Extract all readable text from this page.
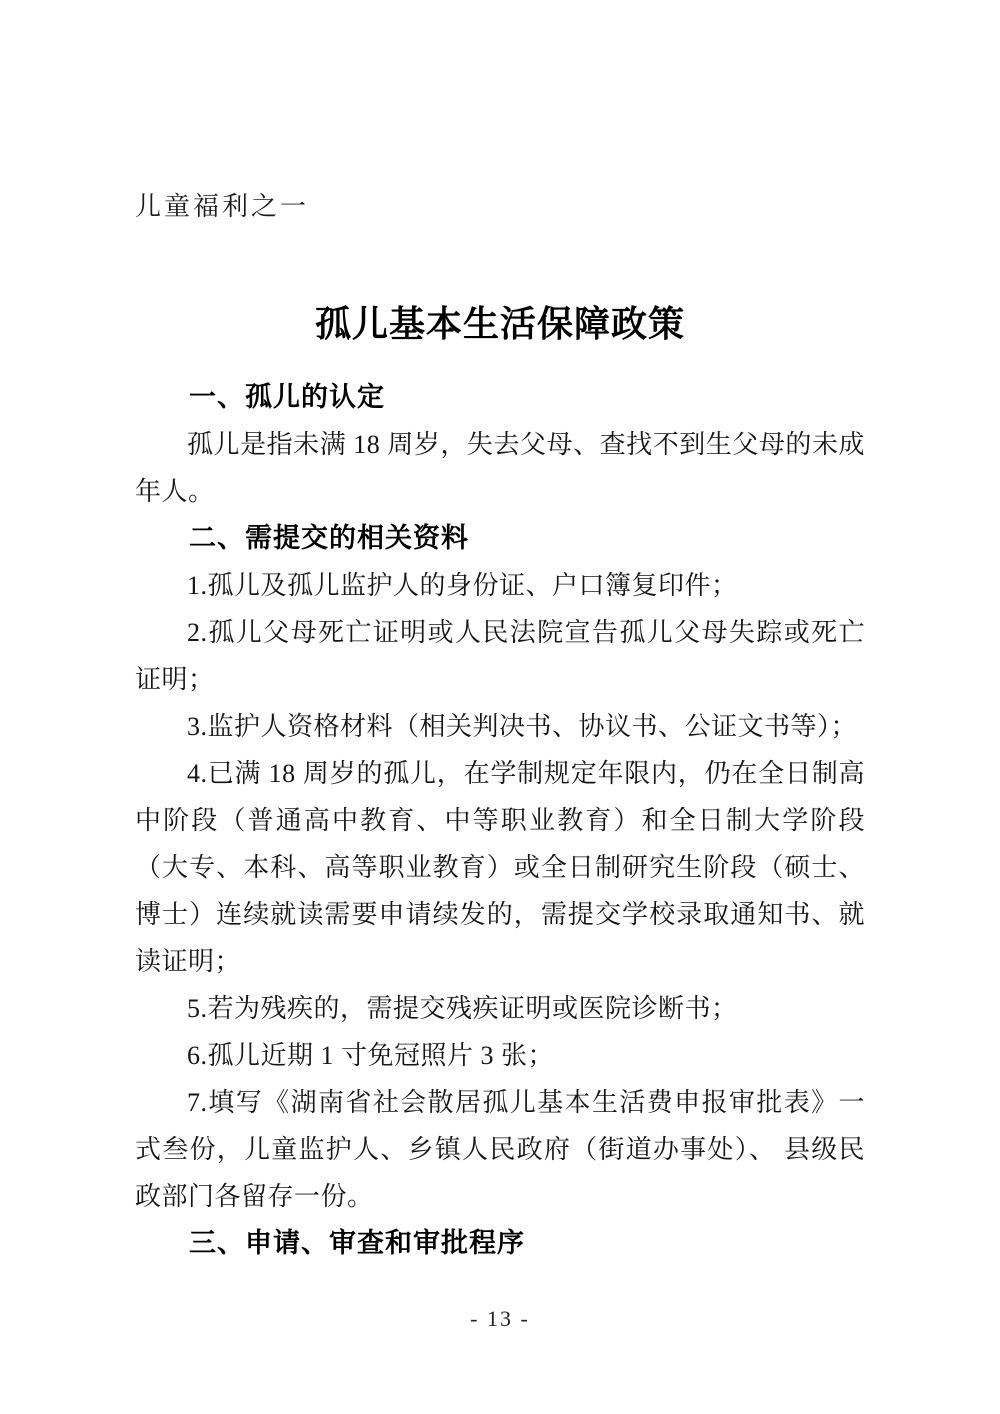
儿童福利之一
孤儿基本生活保障政策
一、孤儿的认定

孤儿是指未满 18 周岁，失去父母、查找不到生父母的未成年人。

二、需提交的相关资料

1.孤儿及孤儿监护人的身份证、户口簿复印件；

2.孤儿父母死亡证明或人民法院宣告孤儿父母失踪或死亡证明；

3.监护人资格材料（相关判决书、协议书、公证文书等）；

4.已满 18 周岁的孤儿，在学制规定年限内，仍在全日制高中阶段（普通高中教育、中等职业教育）和全日制大学阶段（大专、本科、高等职业教育）或全日制研究生阶段（硕士、博士）连续就读需要申请续发的，需提交学校录取通知书、就读证明；

5.若为残疾的，需提交残疾证明或医院诊断书；

6.孤儿近期 1 寸免冠照片 3 张；

7.填写《湖南省社会散居孤儿基本生活费申报审批表》一式叁份，儿童监护人、乡镇人民政府（街道办事处）、 县级民政部门各留存一份。

三、申请、审查和审批程序
- 13 -
